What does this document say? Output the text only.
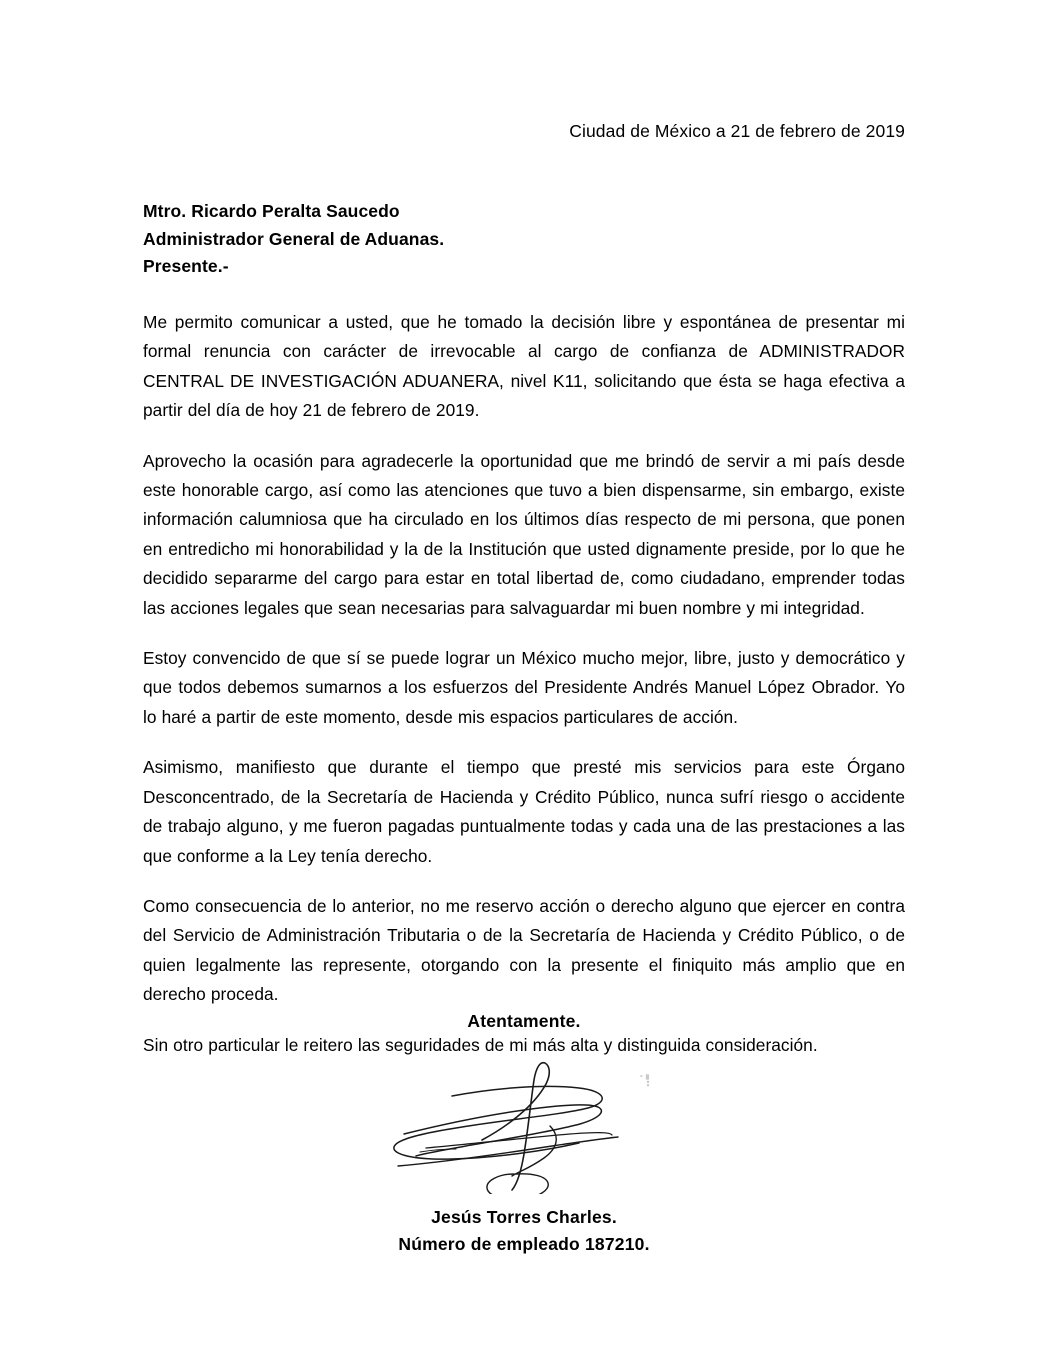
Ciudad de México a 21 de febrero de 2019
Mtro. Ricardo Peralta Saucedo
Administrador General de Aduanas.
Presente.-

Me permito comunicar a usted, que he tomado la decisión libre y espontánea de presentar mi formal renuncia con carácter de irrevocable al cargo de confianza de ADMINISTRADOR CENTRAL DE INVESTIGACIÓN ADUANERA, nivel K11, solicitando que ésta se haga efectiva a partir del día de hoy 21 de febrero de 2019.

Aprovecho la ocasión para agradecerle la oportunidad que me brindó de servir a mi país desde este honorable cargo, así como las atenciones que tuvo a bien dispensarme, sin embargo, existe información calumniosa que ha circulado en los últimos días respecto de mi persona, que ponen en entredicho mi honorabilidad y la de la Institución que usted dignamente preside, por lo que he decidido separarme del cargo para estar en total libertad de, como ciudadano, emprender todas las acciones legales que sean necesarias para salvaguardar mi buen nombre y mi integridad.

Estoy convencido de que sí se puede lograr un México mucho mejor, libre, justo y democrático y que todos debemos sumarnos a los esfuerzos del Presidente Andrés Manuel López Obrador. Yo lo haré a partir de este momento, desde mis espacios particulares de acción.

Asimismo, manifiesto que durante el tiempo que presté mis servicios para este Órgano Desconcentrado, de la Secretaría de Hacienda y Crédito Público, nunca sufrí riesgo o accidente de trabajo alguno, y me fueron pagadas puntualmente todas y cada una de las prestaciones a las que conforme a la Ley tenía derecho.

Como consecuencia de lo anterior, no me reservo acción o derecho alguno que ejercer en contra del Servicio de Administración Tributaria o de la Secretaría de Hacienda y Crédito Público, o de quien legalmente las represente, otorgando con la presente el finiquito más amplio que en derecho proceda.

Sin otro particular le reitero las seguridades de mi más alta y distinguida consideración.

Atentamente.
Jesús Torres Charles.
Número de empleado 187210.
